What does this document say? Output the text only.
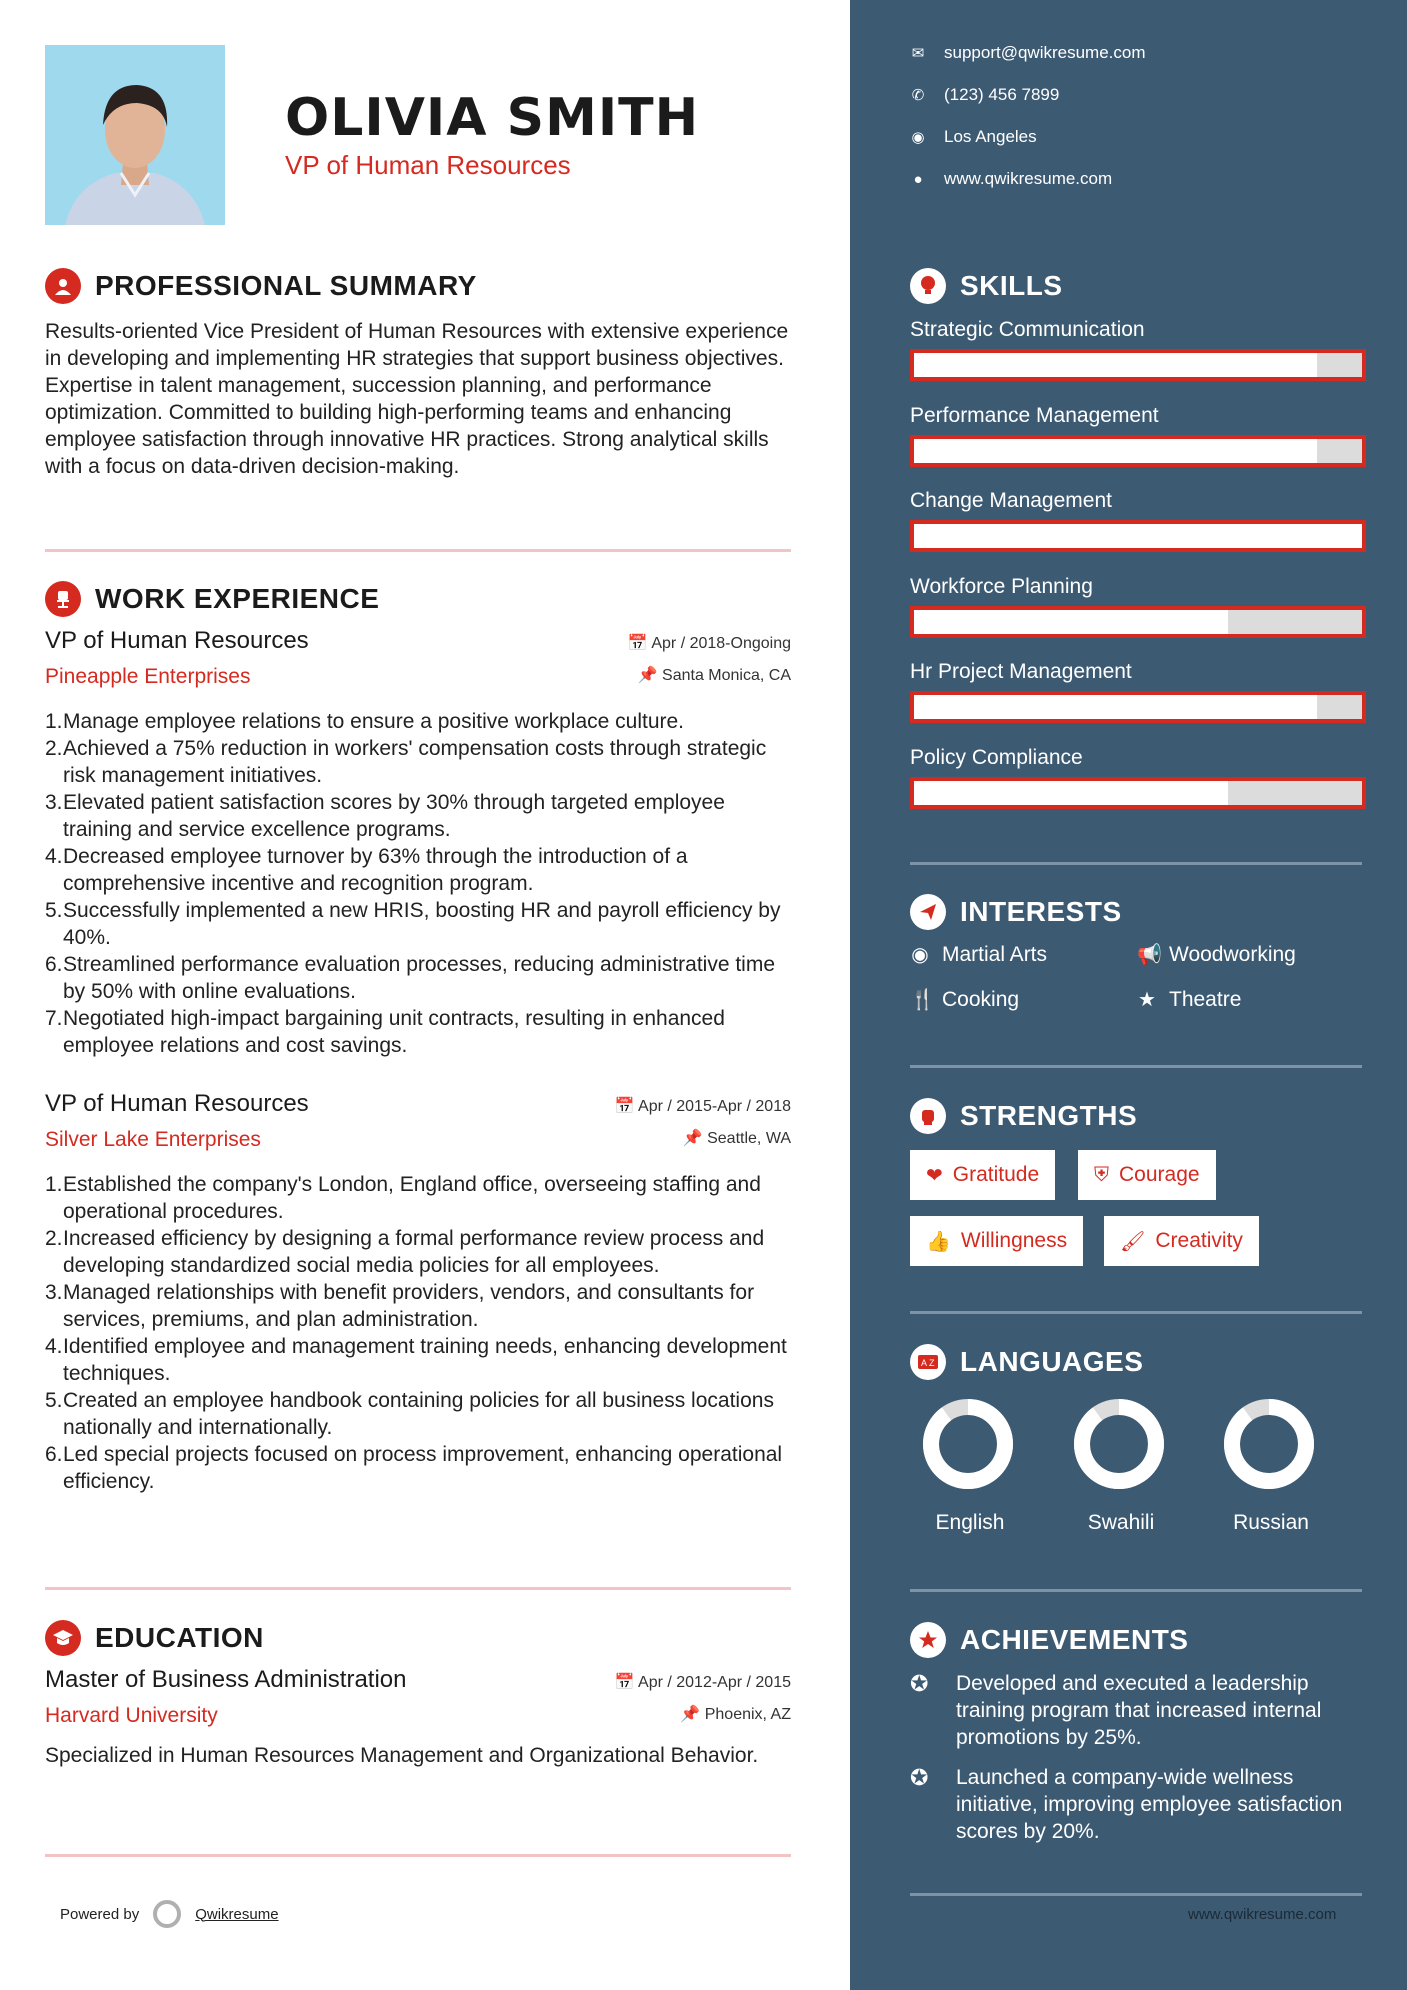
OLIVIA SMITH
VP of Human Resources
PROFESSIONAL SUMMARY
Results-oriented Vice President of Human Resources with extensive experience in developing and implementing HR strategies that support business objectives. Expertise in talent management, succession planning, and performance optimization. Committed to building high-performing teams and enhancing employee satisfaction through innovative HR practices. Strong analytical skills with a focus on data-driven decision-making.
WORK EXPERIENCE
VP of Human Resources
Pineapple Enterprises
📅 Apr / 2018-Ongoing
📌 Santa Monica, CA
1. Manage employee relations to ensure a positive workplace culture.
2. Achieved a 75% reduction in workers' compensation costs through strategic risk management initiatives.
3. Elevated patient satisfaction scores by 30% through targeted employee training and service excellence programs.
4. Decreased employee turnover by 63% through the introduction of a comprehensive incentive and recognition program.
5. Successfully implemented a new HRIS, boosting HR and payroll efficiency by 40%.
6. Streamlined performance evaluation processes, reducing administrative time by 50% with online evaluations.
7. Negotiated high-impact bargaining unit contracts, resulting in enhanced employee relations and cost savings.
VP of Human Resources
Silver Lake Enterprises
📅 Apr / 2015-Apr / 2018
📌 Seattle, WA
1. Established the company's London, England office, overseeing staffing and operational procedures.
2. Increased efficiency by designing a formal performance review process and developing standardized social media policies for all employees.
3. Managed relationships with benefit providers, vendors, and consultants for services, premiums, and plan administration.
4. Identified employee and management training needs, enhancing development techniques.
5. Created an employee handbook containing policies for all business locations nationally and internationally.
6. Led special projects focused on process improvement, enhancing operational efficiency.
EDUCATION
Master of Business Administration
Harvard University
📅 Apr / 2012-Apr / 2015
📌 Phoenix, AZ
Specialized in Human Resources Management and Organizational Behavior.
Powered by	Qwikresume
✉ support@qwikresume.com
✆ (123) 456 7899
◉ Los Angeles
● www.qwikresume.com
SKILLS
Strategic Communication
Performance Management
Change Management
Workforce Planning
Hr Project Management
Policy Compliance
INTERESTS
◉ Martial Arts	📢 Woodworking
🍴 Cooking	★ Theatre
STRENGTHS
❤ Gratitude	⛨ Courage
👍 Willingness	🖌 Creativity
A Z LANGUAGES
English	Swahili	Russian
ACHIEVEMENTS
✪	Developed and executed a leadership training program that increased internal promotions by 25%.
✪	Launched a company-wide wellness initiative, improving employee satisfaction scores by 20%.
www.qwikresume.com
